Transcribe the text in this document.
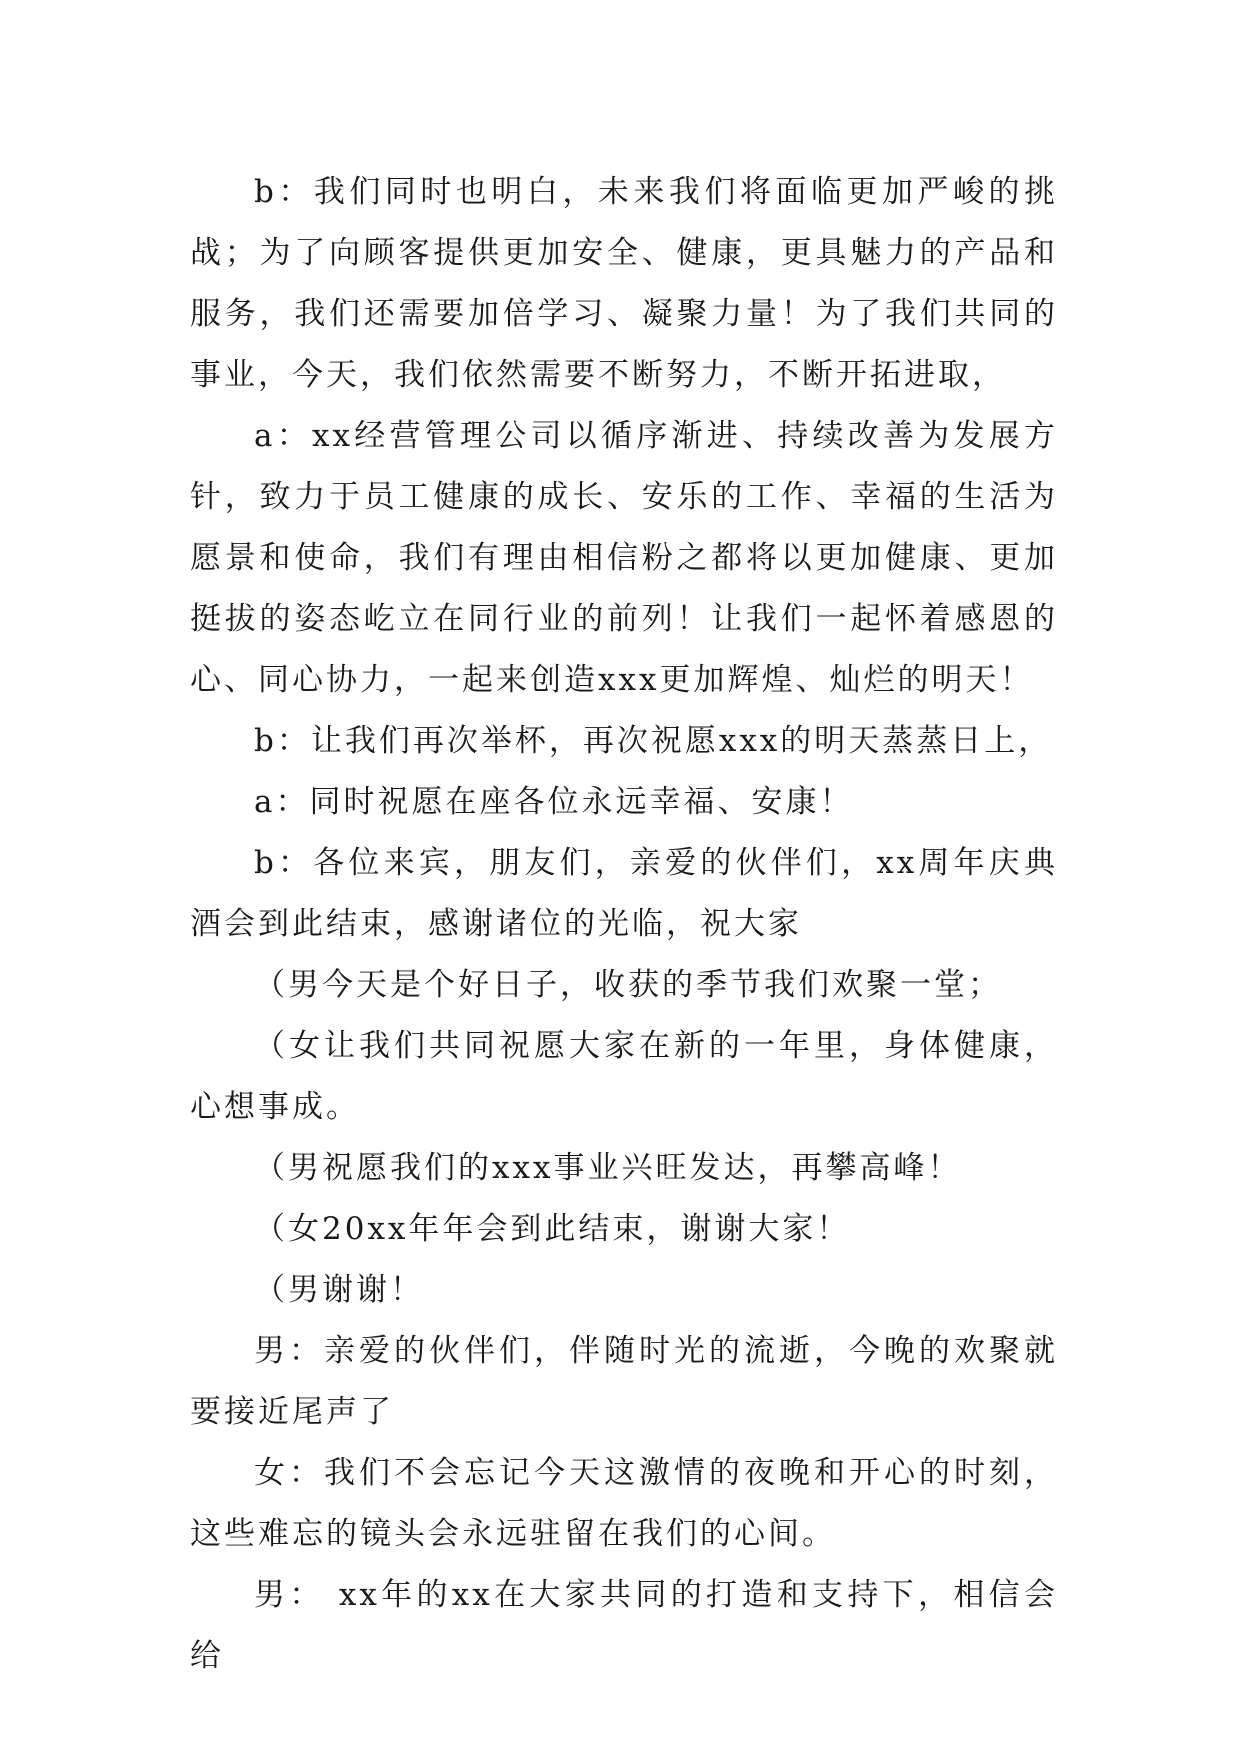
b：我们同时也明白，未来我们将面临更加严峻的挑战；为了向顾客提供更加安全、健康，更具魅力的产品和服务，我们还需要加倍学习、凝聚力量！为了我们共同的事业，今天，我们依然需要不断努力，不断开拓进取，

a：xx经营管理公司以循序渐进、持续改善为发展方针，致力于员工健康的成长、安乐的工作、幸福的生活为愿景和使命，我们有理由相信粉之都将以更加健康、更加挺拔的姿态屹立在同行业的前列！让我们一起怀着感恩的心、同心协力，一起来创造xxx更加辉煌、灿烂的明天！

b：让我们再次举杯，再次祝愿xxx的明天蒸蒸日上，

a：同时祝愿在座各位永远幸福、安康！

b：各位来宾，朋友们，亲爱的伙伴们，xx周年庆典酒会到此结束，感谢诸位的光临，祝大家

（男今天是个好日子，收获的季节我们欢聚一堂；

（女让我们共同祝愿大家在新的一年里，身体健康，心想事成。

（男祝愿我们的xxx事业兴旺发达，再攀高峰！

（女20xx年年会到此结束，谢谢大家！

（男谢谢！

男：亲爱的伙伴们，伴随时光的流逝，今晚的欢聚就要接近尾声了

女：我们不会忘记今天这激情的夜晚和开心的时刻，这些难忘的镜头会永远驻留在我们的心间。

男： xx年的xx在大家共同的打造和支持下，相信会给
